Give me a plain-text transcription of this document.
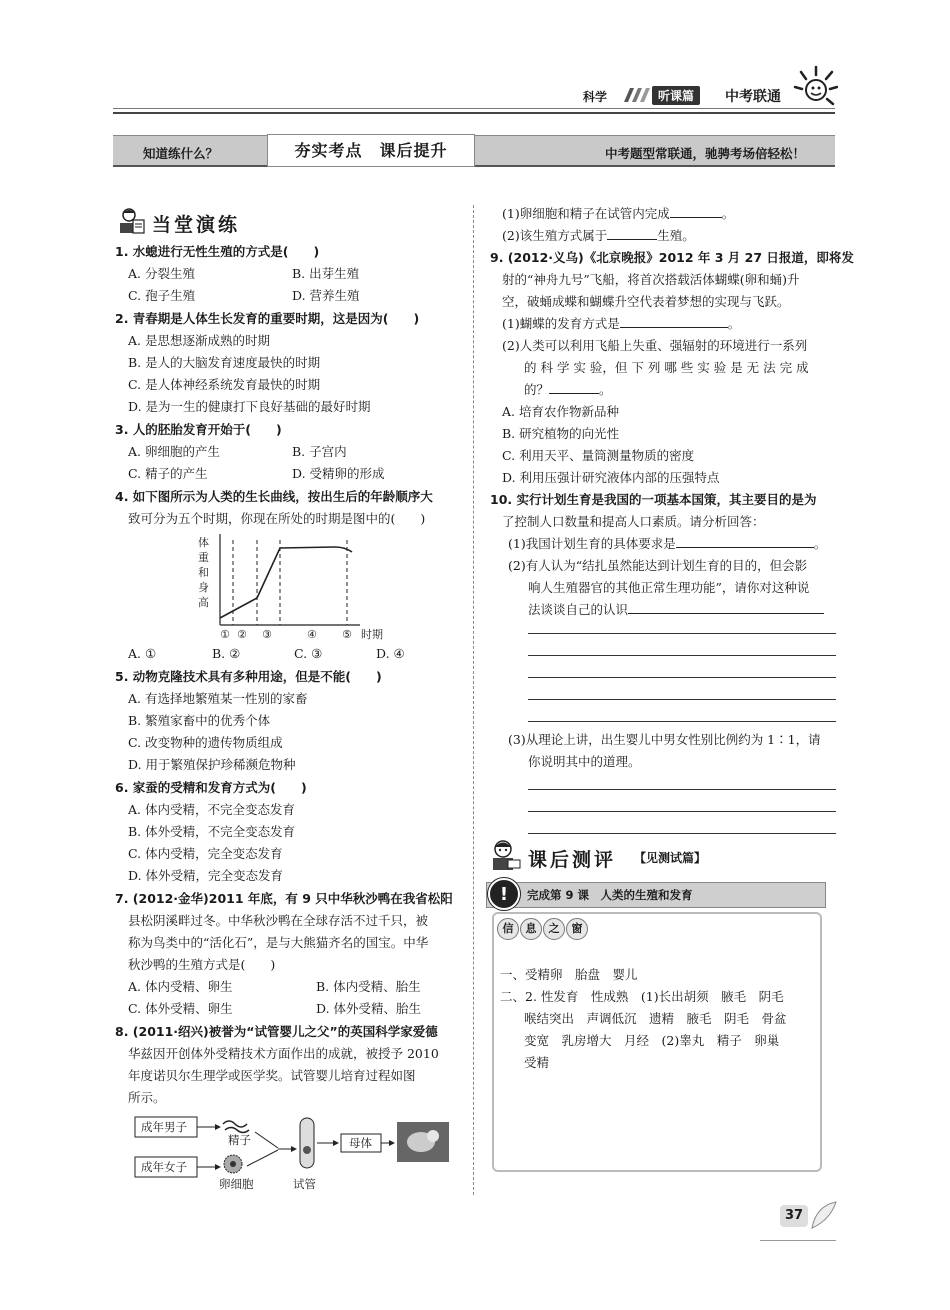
科学	听课篇	中考联通
知道练什么？	夯实考点　课后提升	中考题型常联通，驰骋考场倍轻松！
当堂演练
1. 水螅进行无性生殖的方式是(　　)
A. 分裂生殖	B. 出芽生殖
C. 孢子生殖	D. 营养生殖
2. 青春期是人体生长发育的重要时期，这是因为(　　)
A. 是思想逐渐成熟的时期
B. 是人的大脑发育速度最快的时期
C. 是人体神经系统发育最快的时期
D. 是为一生的健康打下良好基础的最好时期
3. 人的胚胎发育开始于(　　)
A. 卵细胞的产生	B. 子宫内
C. 精子的产生	D. 受精卵的形成
4. 如下图所示为人类的生长曲线，按出生后的年龄顺序大
致可分为五个时期，你现在所处的时期是图中的(　　)
体
重
和
身
高
① ② ③	④ ⑤ 时期
A. ①	B. ②	C. ③	D. ④
5. 动物克隆技术具有多种用途，但是不能(　　)
A. 有选择地繁殖某一性别的家畜
B. 繁殖家畜中的优秀个体
C. 改变物种的遗传物质组成
D. 用于繁殖保护珍稀濒危物种
6. 家蚕的受精和发育方式为(　　)
A. 体内受精，不完全变态发育
B. 体外受精，不完全变态发育
C. 体内受精，完全变态发育
D. 体外受精，完全变态发育
7. (2012·金华)2011 年底，有 9 只中华秋沙鸭在我省松阳
县松阴溪畔过冬。中华秋沙鸭在全球存活不过千只，被
称为鸟类中的“活化石”，是与大熊猫齐名的国宝。中华
秋沙鸭的生殖方式是(　　)
A. 体内受精、卵生	B. 体内受精、胎生
C. 体外受精、卵生	D. 体外受精、胎生
8. (2011·绍兴)被誉为“试管婴儿之父”的英国科学家爱德
华兹因开创体外受精技术方面作出的成就，被授予 2010
年度诺贝尔生理学或医学奖。试管婴儿培育过程如图
所示。
成年男子
成年女子
精子
卵细胞	试管
母体
(1)卵细胞和精子在试管内完成	。
(2)该生殖方式属于	生殖。
9. (2012·义乌)《北京晚报》2012 年 3 月 27 日报道，即将发
射的“神舟九号”飞船，将首次搭载活体蝴蝶(卵和蛹)升
空，破蛹成蝶和蝴蝶升空代表着梦想的实现与飞跃。
(1)蝴蝶的发育方式是	。
(2)人类可以利用飞船上失重、强辐射的环境进行一系列
的 科 学 实 验，但 下 列 哪 些 实 验 是 无 法 完 成
的？	。
A. 培育农作物新品种
B. 研究植物的向光性
C. 利用天平、量筒测量物质的密度
D. 利用压强计研究液体内部的压强特点
10. 实行计划生育是我国的一项基本国策，其主要目的是为
了控制人口数量和提高人口素质。请分析回答：
(1)我国计划生育的具体要求是	。
(2)有人认为“结扎虽然能达到计划生育的目的，但会影
响人生殖器官的其他正常生理功能”，请你对这种说
法谈谈自己的认识
(3)从理论上讲，出生婴儿中男女性别比例约为 1∶1，请
你说明其中的道理。
课后测评 【见测试篇】
完成第 9 课　人类的生殖和发育
!
信	息	之	窗
一、受精卵　胎盘　婴儿
二、2. 性发育　性成熟　(1)长出胡须　腋毛　阴毛
喉结突出　声调低沉　遗精　腋毛　阴毛　骨盆
变宽　乳房增大　月经　(2)睾丸　精子　卵巢
受精
37
